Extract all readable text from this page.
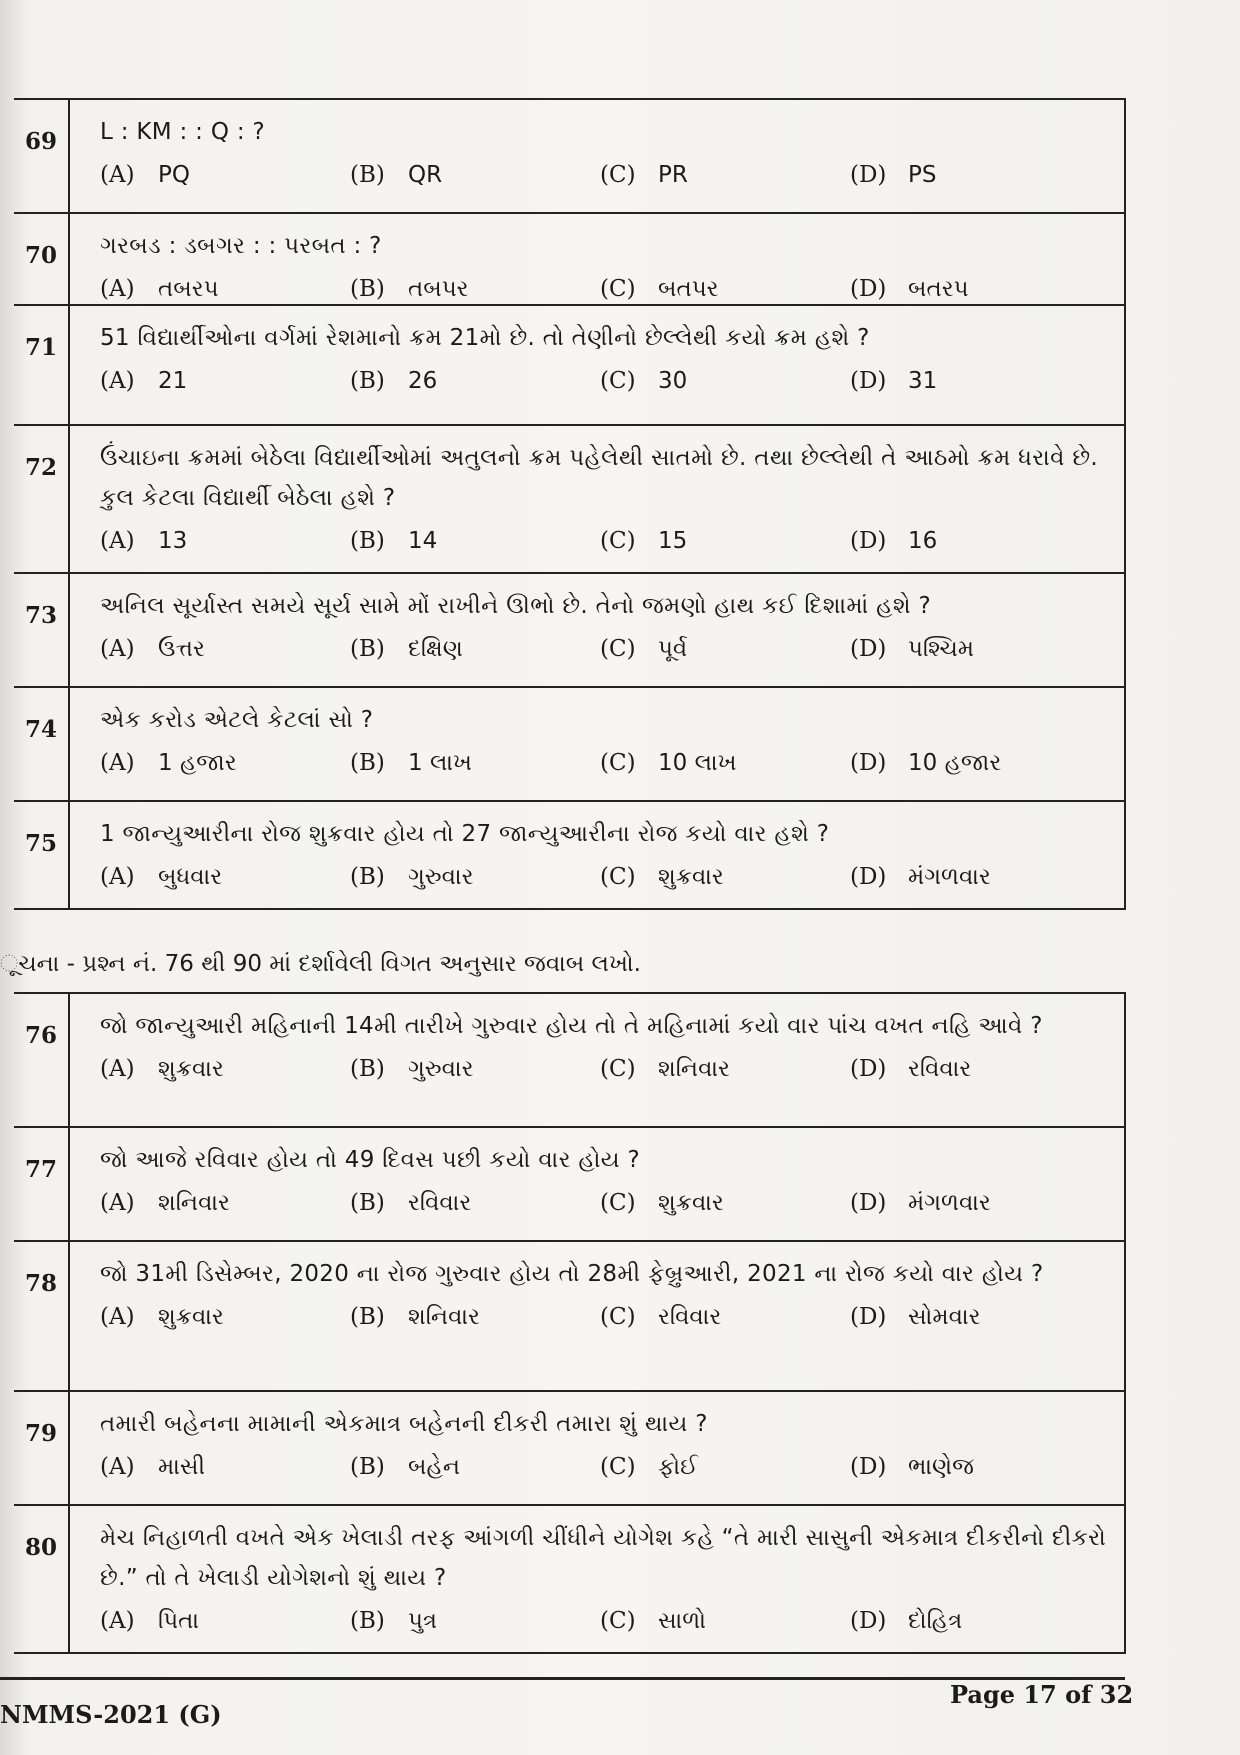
69	L : KM : : Q : ?
(A)	PQ	(B)	QR	(C) PR	(D) PS
70	ગરબડ : ડબગર : : પરબત : ?
(A)	તબરપ	(B)	તબપર	(C) બતપર	(D) બતરપ
71	51 વિદ્યાર્થીઓના વર્ગમાં રેશમાનો ક્રમ 21મો છે. તો તેણીનો છેલ્લેથી કયો ક્રમ હશે ?
(A)	21	(B)	26	(C) 30	(D) 31
72	ઉંચાઇના ક્રમમાં બેઠેલા વિદ્યાર્થીઓમાં અતુલનો ક્રમ પહેલેથી સાતમો છે. તથા છેલ્લેથી તે આઠમો ક્રમ ધરાવે છે. કુલ કેટલા વિદ્યાર્થી બેઠેલા હશે ?
(A)	13	(B)	14	(C) 15	(D) 16
73	અનિલ સૂર્યાસ્ત સમયે સૂર્ય સામે મોં રાખીને ઊભો છે. તેનો જમણો હાથ કઈ દિશામાં હશે ?
(A)	ઉત્તર	(B)	દક્ષિણ	(C) પૂર્વ	(D) પશ્ચિમ
74	એક કરોડ એટલે કેટલાં સો ?
(A)	1 હજાર	(B)	1 લાખ	(C) 10 લાખ	(D) 10 હજાર
75	1 જાન્યુઆરીના રોજ શુક્રવાર હોય તો 27 જાન્યુઆરીના રોજ કયો વાર હશે ?
(A)	બુધવાર	(B)	ગુરુવાર	(C) શુક્રવાર	(D) મંગળવાર
ૂચના - પ્રશ્ન નં. 76 થી 90 માં દર્શાવેલી વિગત અનુસાર જવાબ લખો.
76	જો જાન્યુઆરી મહિનાની 14મી તારીખે ગુરુવાર હોય તો તે મહિનામાં કયો વાર પાંચ વખત નહિ આવે ?
(A)	શુક્રવાર	(B)	ગુરુવાર	(C) શનિવાર	(D) રવિવાર
77	જો આજે રવિવાર હોય તો 49 દિવસ પછી કયો વાર હોય ?
(A)	શનિવાર	(B)	રવિવાર	(C) શુક્રવાર	(D) મંગળવાર
78	જો 31મી ડિસેમ્બર, 2020 ના રોજ ગુરુવાર હોય તો 28મી ફેબ્રુઆરી, 2021 ના રોજ કયો વાર હોય ?
(A)	શુક્રવાર	(B)	શનિવાર	(C) રવિવાર	(D) સોમવાર
79	તમારી બહેનના મામાની એકમાત્ર બહેનની દીકરી તમારા શું થાય ?
(A)	માસી	(B)	બહેન	(C) ફોઈ	(D) ભાણેજ
80	મેચ નિહાળતી વખતે એક ખેલાડી તરફ આંગળી ચીંધીને યોગેશ કહે “તે મારી સાસુની એકમાત્ર દીકરીનો દીકરો છે.” તો તે ખેલાડી યોગેશનો શું થાય ?
(A)	પિતા	(B)	પુત્ર	(C) સાળો	(D) દોહિત્ર
Page 17 of 32
NMMS-2021 (G)
